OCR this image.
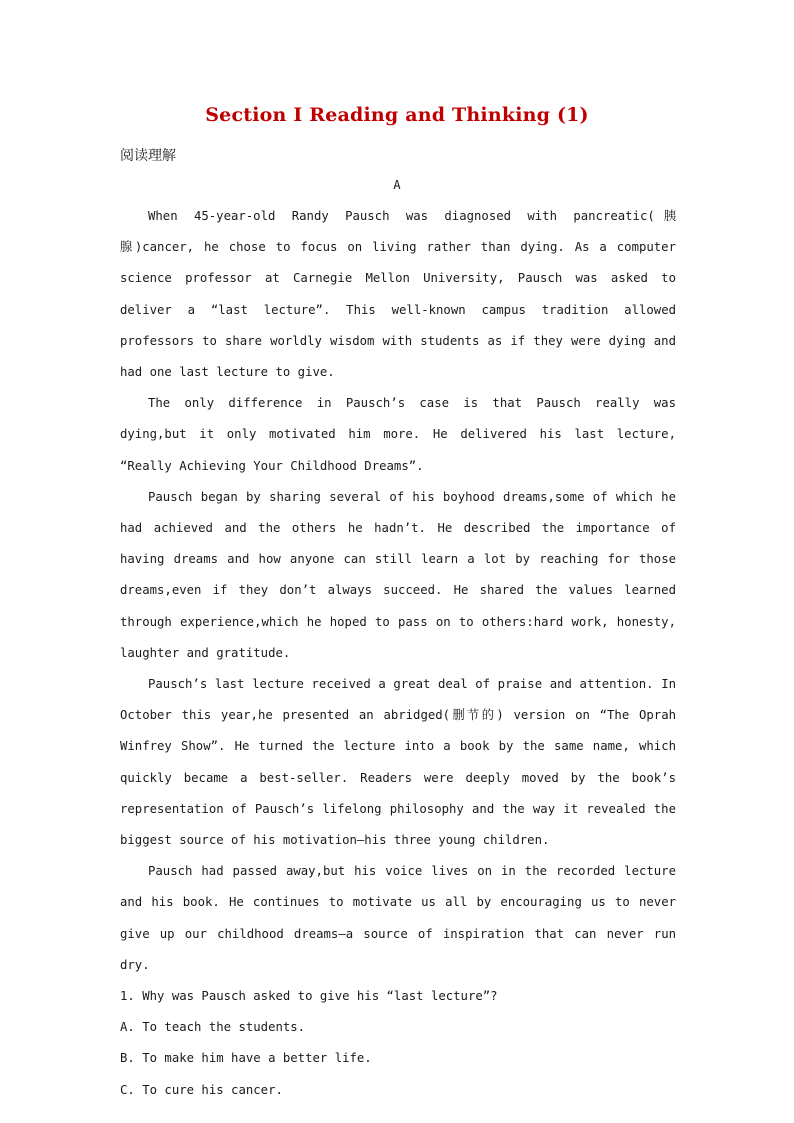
Section Ⅰ Reading and Thinking (1)
阅读理解
A

When 45-year-old Randy Pausch was diagnosed with pancreatic(胰腺)cancer, he chose to focus on living rather than dying. As a computer science professor at Carnegie Mellon University, Pausch was asked to deliver a “last lecture”. This well-known campus tradition allowed professors to share worldly wisdom with students as if they were dying and had one last lecture to give.

The only difference in Pausch’s case is that Pausch really was dying,but it only motivated him more. He delivered his last lecture, “Really Achieving Your Childhood Dreams”.

Pausch began by sharing several of his boyhood dreams,some of which he had achieved and the others he hadn’t. He described the importance of having dreams and how anyone can still learn a lot by reaching for those dreams,even if they don’t always succeed. He shared the values learned through experience,which he hoped to pass on to others:hard work, honesty, laughter and gratitude.

Pausch’s last lecture received a great deal of praise and attention. In October this year,he presented an abridged(删节的) version on “The Oprah Winfrey Show”. He turned the lecture into a book by the same name, which quickly became a best-seller. Readers were deeply moved by the book’s representation of Pausch’s lifelong philosophy and the way it revealed the biggest source of his motivation—his three young children.

Pausch had passed away,but his voice lives on in the recorded lecture and his book. He continues to motivate us all by encouraging us to never give up our childhood dreams—a source of inspiration that can never run dry.

1. Why was Pausch asked to give his “last lecture”?

A. To teach the students.

B. To make him have a better life.

C. To cure his cancer.
